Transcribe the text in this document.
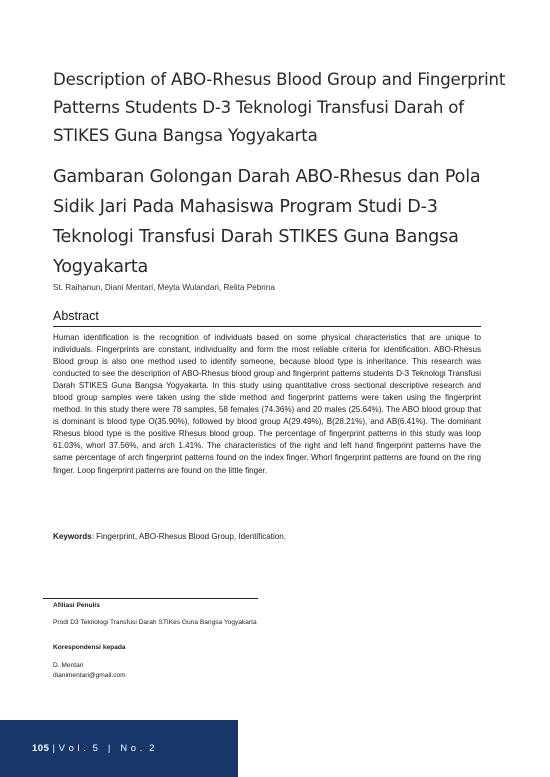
Description of ABO-Rhesus Blood Group and Fingerprint Patterns Students D-3 Teknologi Transfusi Darah of STIKES Guna Bangsa Yogyakarta
Gambaran Golongan Darah ABO-Rhesus dan Pola Sidik Jari Pada Mahasiswa Program Studi D-3 Teknologi Transfusi Darah STIKES Guna Bangsa Yogyakarta
St. Raihanun, Diani Mentari, Meyta Wulandari, Relita Pebrina
Abstract

Human identification is the recognition of individuals based on some physical characteristics that are unique to individuals. Fingerprints are constant, individuality and form the most reliable criteria for identification. ABO-Rhesus Blood group is also one method used to identify someone, because blood type is inheritance. This research was conducted to see the description of ABO-Rhesus blood group and fingerprint patterns students D-3 Teknologi Transfusi Darah STIKES Guna Bangsa Yogyakarta. In this study using quantitative cross sectional descriptive research and blood group samples were taken using the slide method and fingerprint patterns were taken using the fingerprint method. In this study there were 78 samples, 58 females (74.36%) and 20 males (25.64%). The ABO blood group that is dominant is blood type O(35.90%), followed by blood group A(29.49%), B(28.21%), and AB(6.41%). The dominant Rhesus blood type is the positive Rhesus blood group. The percentage of fingerprint patterns in this study was loop 61.03%, whorl 37.56%, and arch 1.41%. The characteristics of the right and left hand fingerprint patterns have the same percentage of arch fingerprint patterns found on the index finger. Whorl fingerprint patterns are found on the ring finger. Loop fingerprint patterns are found on the little finger.

Keywords: Fingerprint, ABO-Rhesus Blood Group, Identification.

Afiliasi Penulis

Prodi D3 Teknologi Transfusi Darah STIKes Guna Bangsa Yogyakarta

Korespondensi kepada

D. Mentari

dianimentari@gmail.com

105 | V o l .  5   |   N o .  2
